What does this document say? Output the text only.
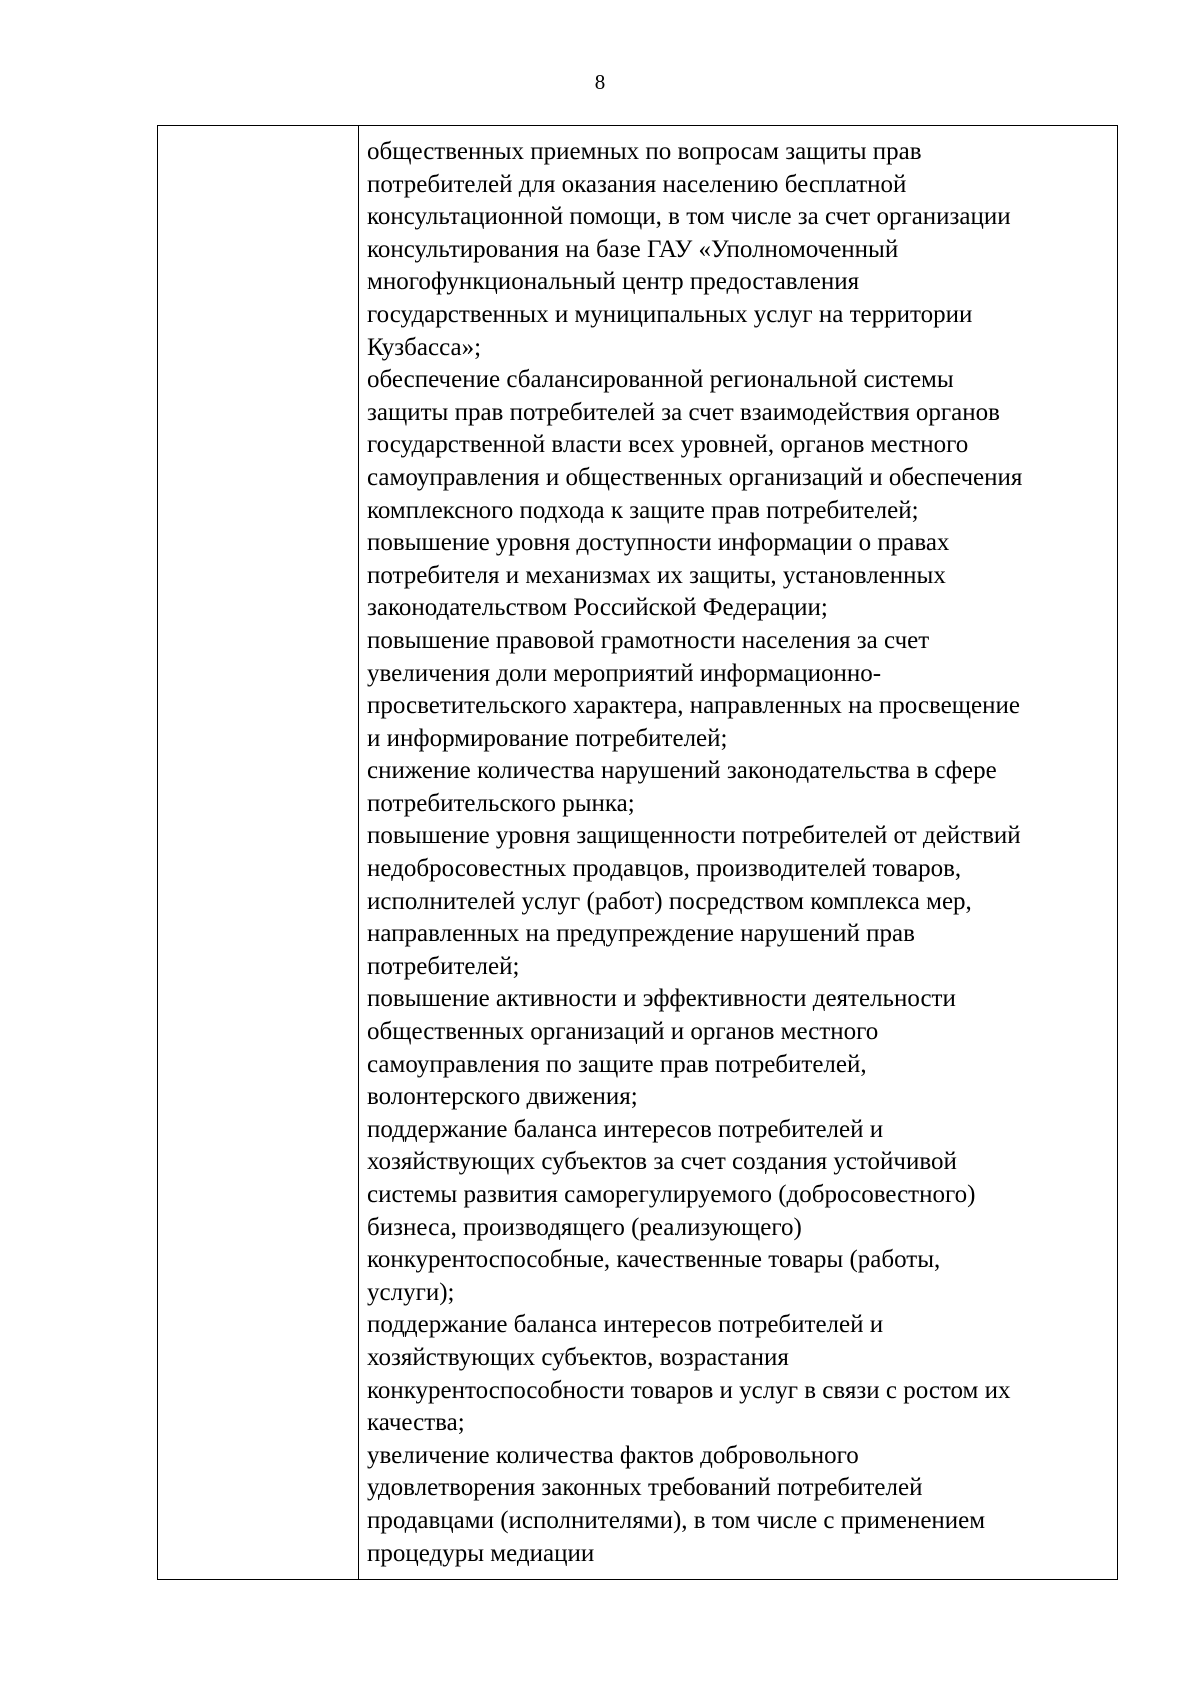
8
общественных приемных по вопросам защиты прав
потребителей для оказания населению бесплатной
консультационной помощи, в том числе за счет организации
консультирования на базе ГАУ «Уполномоченный
многофункциональный центр предоставления
государственных и муниципальных услуг на территории
Кузбасса»;
обеспечение сбалансированной региональной системы
защиты прав потребителей за счет взаимодействия органов
государственной власти всех уровней, органов местного
самоуправления и общественных организаций и обеспечения
комплексного подхода к защите прав потребителей;
повышение уровня доступности информации о правах
потребителя и механизмах их защиты, установленных
законодательством Российской Федерации;
повышение правовой грамотности населения за счет
увеличения доли мероприятий информационно-
просветительского характера, направленных на просвещение
и информирование потребителей;
снижение количества нарушений законодательства в сфере
потребительского рынка;
повышение уровня защищенности потребителей от действий
недобросовестных продавцов, производителей товаров,
исполнителей услуг (работ) посредством комплекса мер,
направленных на предупреждение нарушений прав
потребителей;
повышение активности и эффективности деятельности
общественных организаций и органов местного
самоуправления по защите прав потребителей,
волонтерского движения;
поддержание баланса интересов потребителей и
хозяйствующих субъектов за счет создания устойчивой
системы развития саморегулируемого (добросовестного)
бизнеса, производящего (реализующего)
конкурентоспособные, качественные товары (работы,
услуги);
поддержание баланса интересов потребителей и
хозяйствующих субъектов, возрастания
конкурентоспособности товаров и услуг в связи с ростом их
качества;
увеличение количества фактов добровольного
удовлетворения законных требований потребителей
продавцами (исполнителями), в том числе с применением
процедуры медиации
